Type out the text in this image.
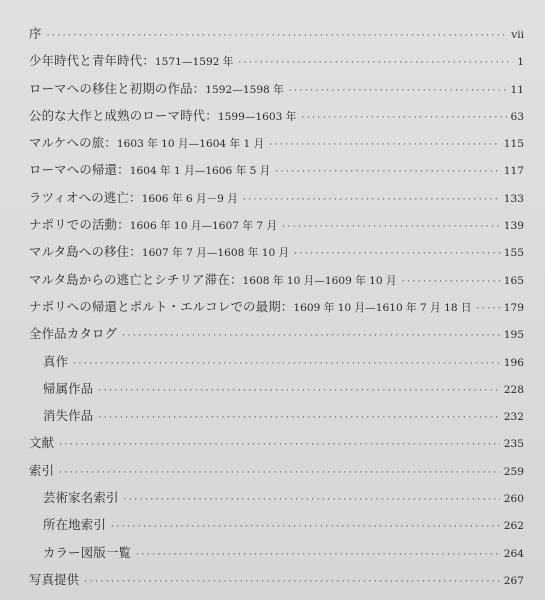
序 ·····	vii
少年時代と青年時代：1571—1592 年 ·····	1
ローマへの移住と初期の作品：1592—1598 年 ·····	11
公的な大作と成熟のローマ時代：1599—1603 年 ·····	63
マルケへの旅：1603 年 10 月—1604 年 1 月 ·····	115
ローマへの帰還：1604 年 1 月—1606 年 5 月 ·····	117
ラツィオへの逃亡：1606 年 6 月－9 月 ·····	133
ナポリでの活動：1606 年 10 月—1607 年 7 月 ·····	139
マルタ島への移住：1607 年 7 月—1608 年 10 月 ·····	155
マルタ島からの逃亡とシチリア滞在：1608 年 10 月—1609 年 10 月 ·····	165
ナポリへの帰還とポルト・エルコレでの最期：1609 年 10 月—1610 年 7 月 18 日 ·····	179
全作品カタログ ·····	195
真作 ·····	196
帰属作品 ·····	228
消失作品 ·····	232
文献 ·····	235
索引 ·····	259
芸術家名索引 ·····	260
所在地索引 ·····	262
カラー図版一覧 ·····	264
写真提供 ·····	267
